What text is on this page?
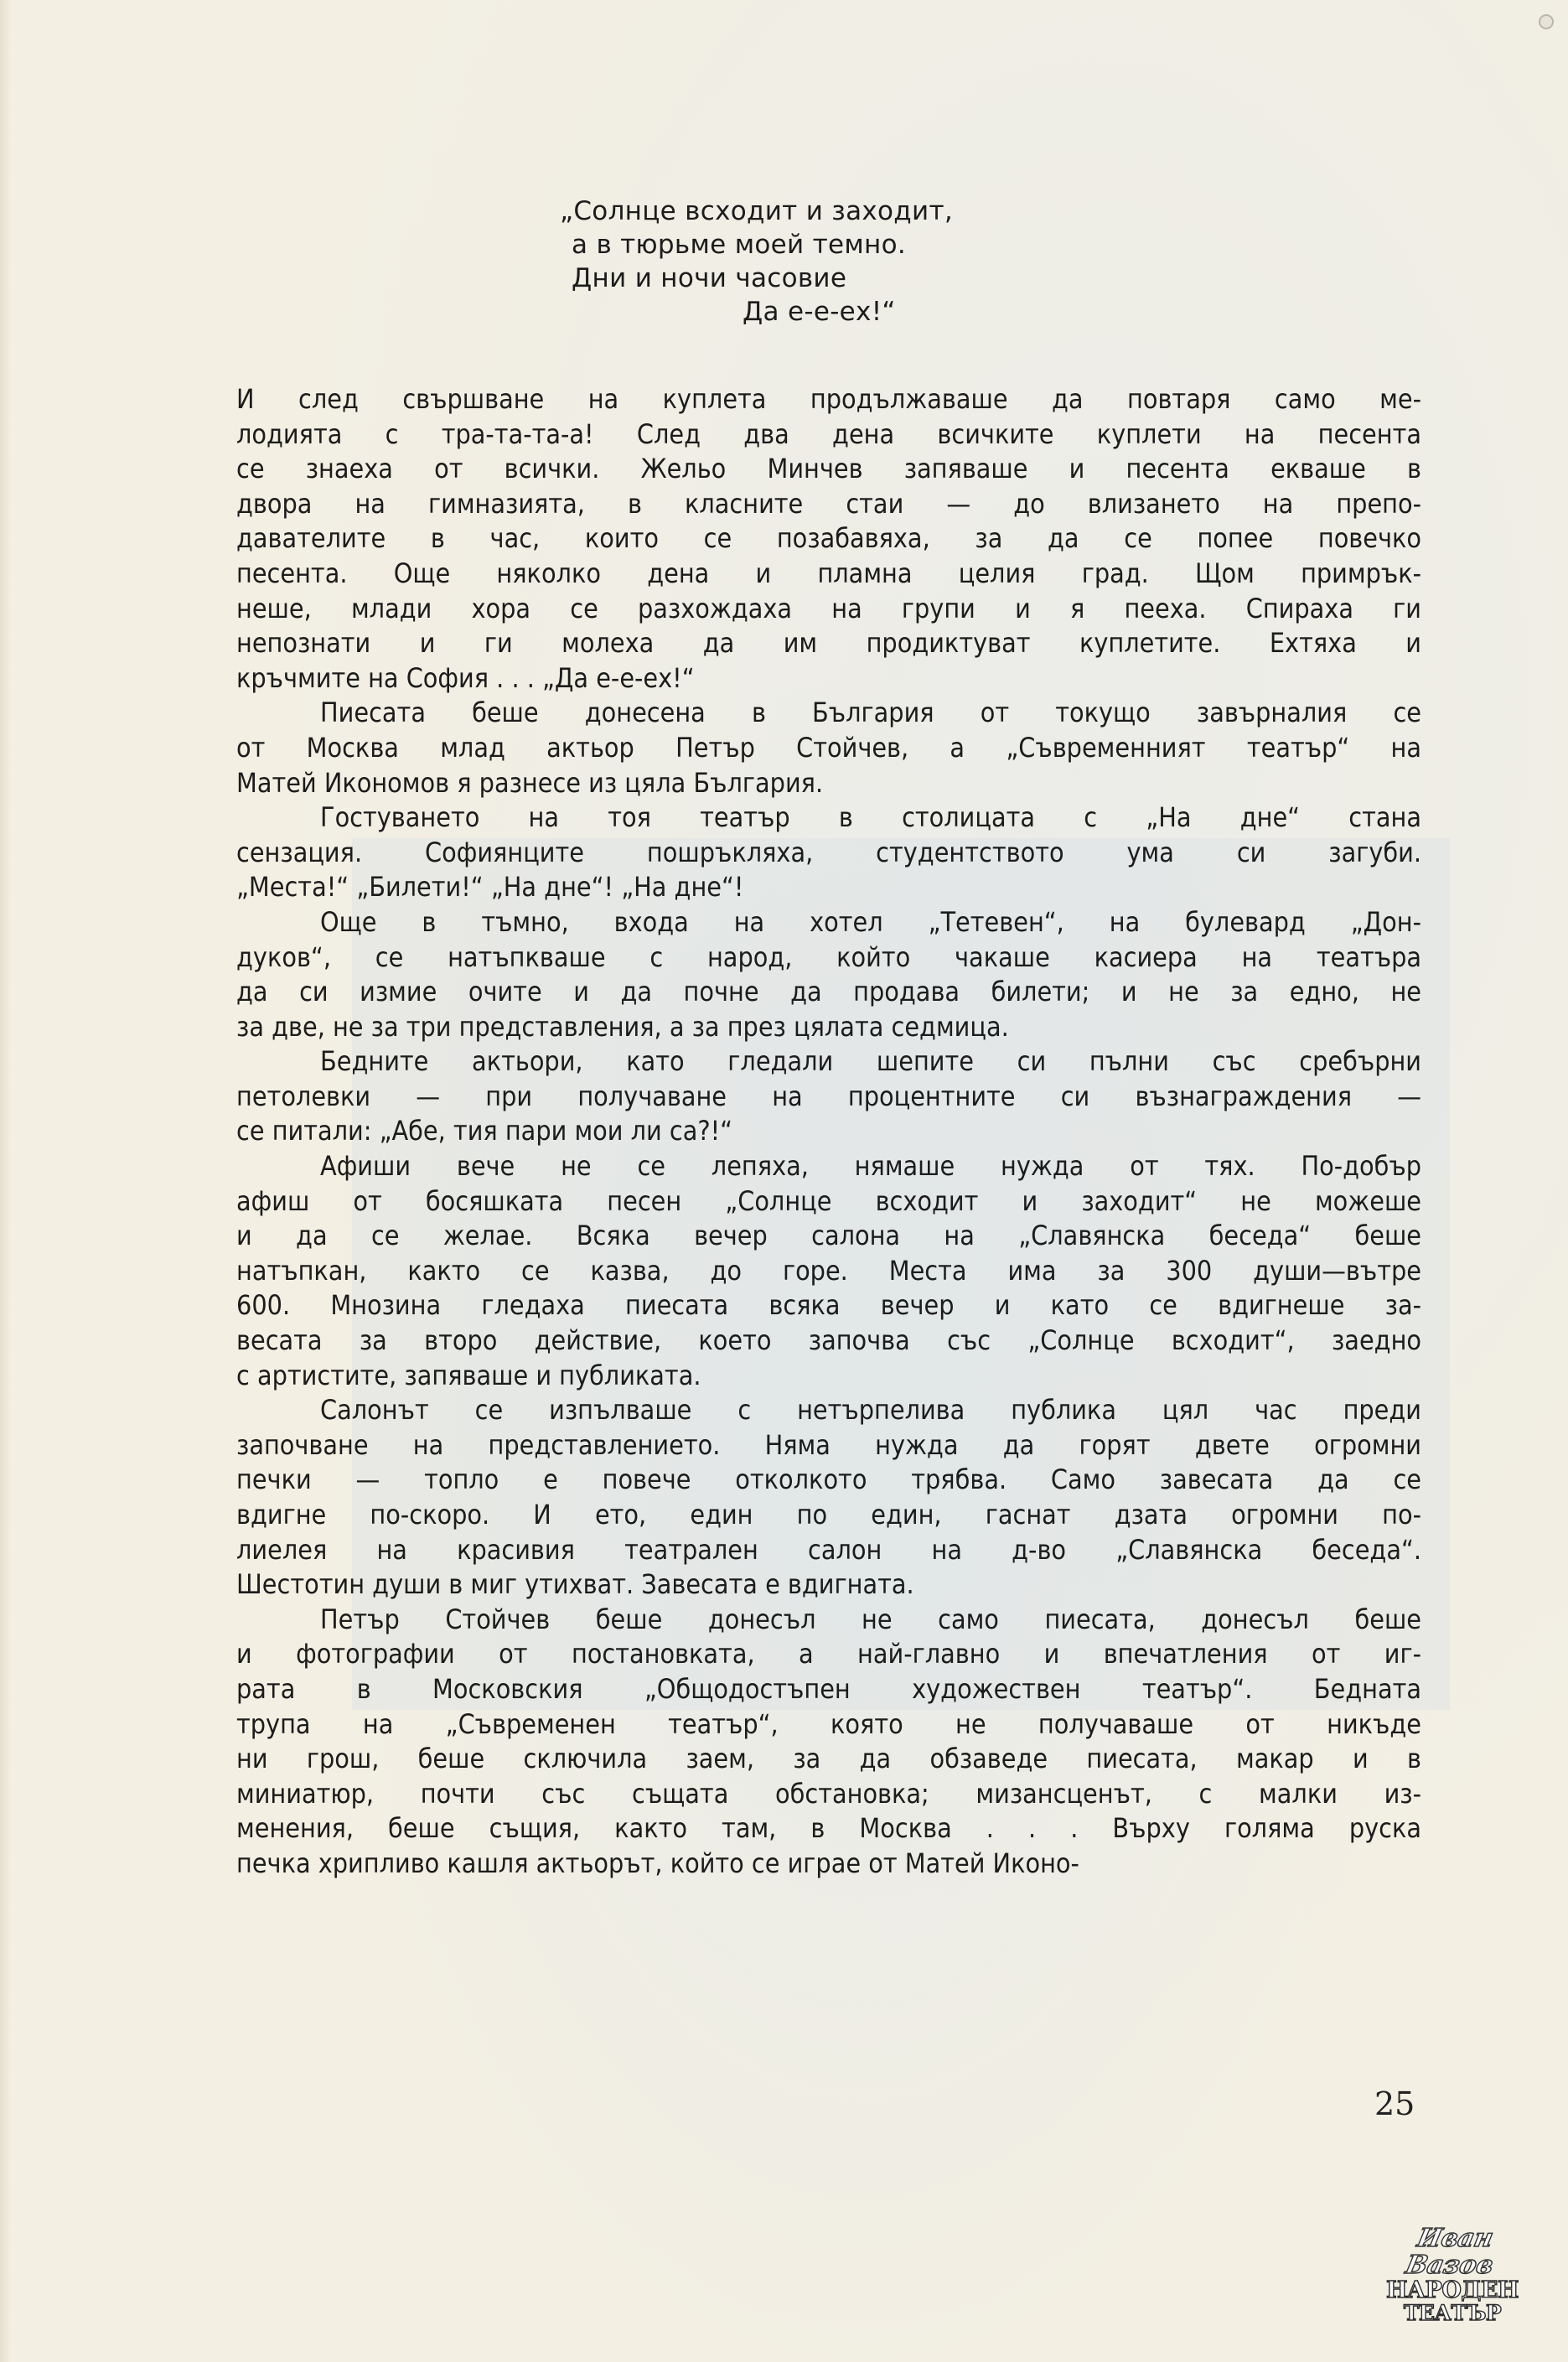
„Солнце всходит и заходит,
а в тюрьме моей темно.
Дни и ночи часовие
Да е-е-ех!“
И след свършване на куплета продължаваше да повтаря само ме-
лодията с тра-та-та-а! След два дена всичките куплети на песента
се знаеха от всички. Жельо Минчев запяваше и песента екваше в
двора на гимназията, в класните стаи — до влизането на препо-
давателите в час, които се позабавяха, за да се попее повечко
песента. Още няколко дена и пламна целия град. Щом примрък-
неше, млади хора се разхождаха на групи и я пееха. Спираха ги
непознати и ги молеха да им продиктуват куплетите. Ехтяха и
кръчмите на София . . . „Да е-е-ех!“
Пиесата беше донесена в България от токущо завърналия се
от Москва млад актьор Петър Стойчев, а „Съвременният театър“ на
Матей Икономов я разнесе из цяла България.
Гостуването на тоя театър в столицата с „На дне“ стана
сензация. Софиянците пошръкляха, студентството ума си загуби.
„Места!“ „Билети!“ „На дне“! „На дне“!
Още в тъмно, входа на хотел „Тетевен“, на булевард „Дон-
дуков“, се натъпкваше с народ, който чакаше касиера на театъра
да си измие очите и да почне да продава билети; и не за едно, не
за две, не за три представления, а за през цялата седмица.
Бедните актьори, като гледали шепите си пълни със сребърни
петолевки — при получаване на процентните си възнаграждения —
се питали: „Абе, тия пари мои ли са?!“
Афиши вече не се лепяха, нямаше нужда от тях. По-добър
афиш от босяшката песен „Солнце всходит и заходит“ не можеше
и да се желае. Всяка вечер салона на „Славянска беседа“ беше
натъпкан, както се казва, до горе. Места има за 300 души—вътре
600. Мнозина гледаха пиесата всяка вечер и като се вдигнеше за-
весата за второ действие, което започва със „Солнце всходит“, заедно
с артистите, запяваше и публиката.
Салонът се изпълваше с нетърпелива публика цял час преди
започване на представлението. Няма нужда да горят двете огромни
печки — топло е повече отколкото трябва. Само завесата да се
вдигне по-скоро. И ето, един по един, гаснат дзата огромни по-
лиелея на красивия театрален салон на д-во „Славянска беседа“.
Шестотин души в миг утихват. Завесата е вдигната.
Петър Стойчев беше донесъл не само пиесата, донесъл беше
и фотографии от постановката, а най-главно и впечатления от иг-
рата в Московския „Общодостъпен художествен театър“. Бедната
трупа на „Съвременен театър“, която не получаваше от никъде
ни грош, беше сключила заем, за да обзаведе пиесата, макар и в
миниатюр, почти със същата обстановка; мизансценът, с малки из-
менения, беше същия, както там, в Москва . . . Върху голяма руска
печка хрипливо кашля актьорът, който се играе от Матей Иконо-
25
Иван Вазов
НАРОДЕН
ТЕАТЪР
